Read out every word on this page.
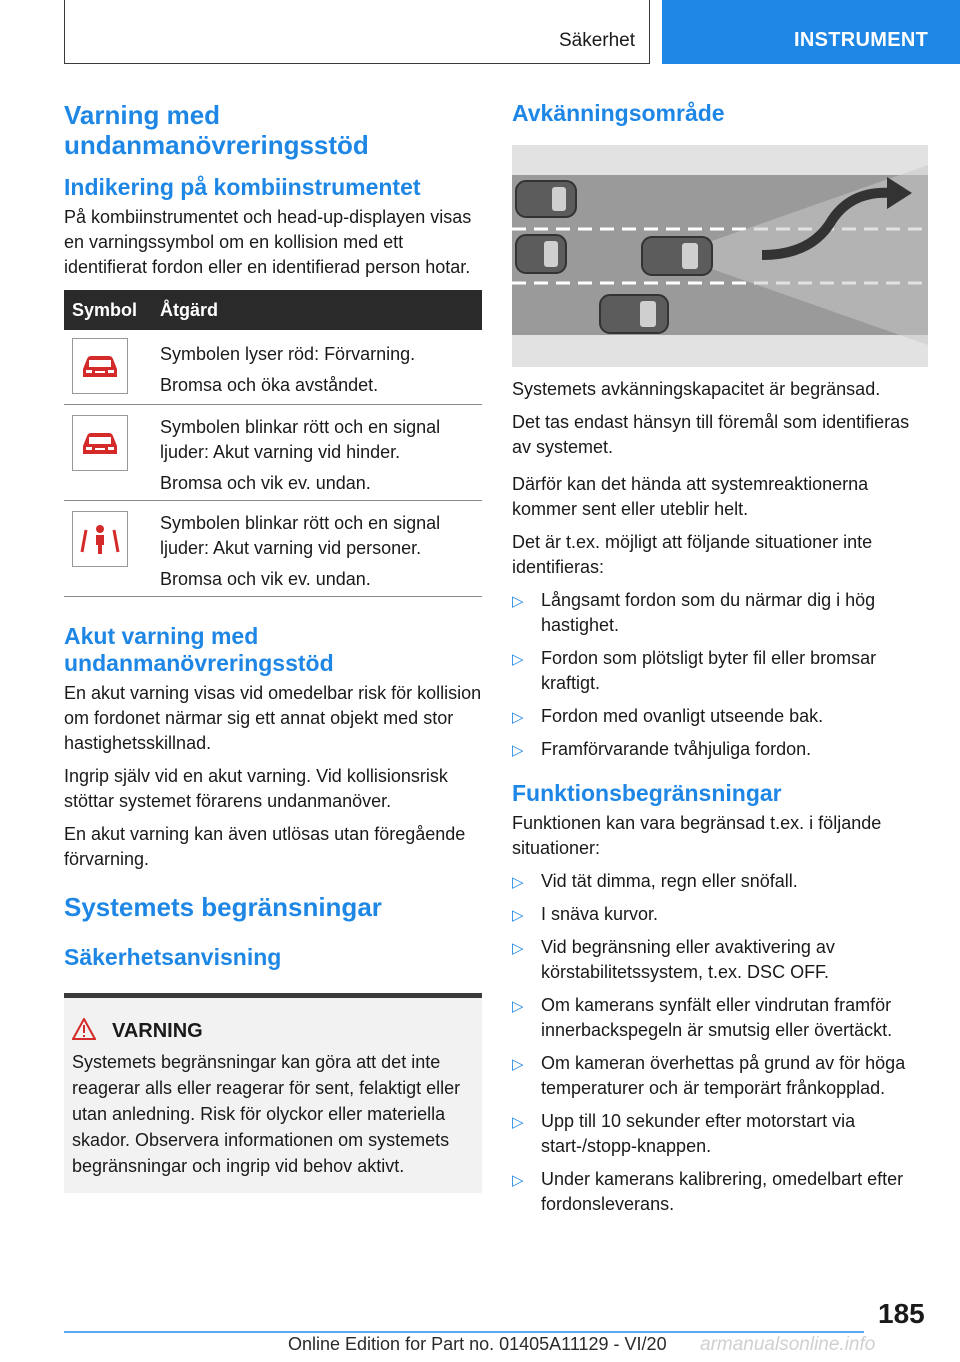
Säkerhet	INSTRUMENT
Varning med undanmanövreringsstöd
Indikering på kombiinstrumentet
På kombiinstrumentet och head-up-displayen visas en varningssymbol om en kollision med ett identifierat fordon eller en identifierad person hotar.
Symbol Åtgärd
Symbolen lyser röd: Förvarning.
Bromsa och öka avståndet.
Symbolen blinkar rött och en signal ljuder: Akut varning vid hinder.
Bromsa och vik ev. undan.
Symbolen blinkar rött och en signal ljuder: Akut varning vid personer.
Bromsa och vik ev. undan.
Akut varning med undanmanövreringsstöd
En akut varning visas vid omedelbar risk för kollision om fordonet närmar sig ett annat objekt med stor hastighetsskillnad.
Ingrip själv vid en akut varning. Vid kollisionsrisk stöttar systemet förarens undanmanöver.
En akut varning kan även utlösas utan föregående förvarning.
Systemets begränsningar
Säkerhetsanvisning
VARNING
Systemets begränsningar kan göra att det inte reagerar alls eller reagerar för sent, felaktigt eller utan anledning. Risk för olyckor eller materiella skador. Observera informationen om systemets begränsningar och ingrip vid behov aktivt.
Avkänningsområde
Systemets avkänningskapacitet är begränsad.
Det tas endast hänsyn till föremål som identifieras av systemet.
Därför kan det hända att systemreaktionerna kommer sent eller uteblir helt.
Det är t.ex. möjligt att följande situationer inte identifieras:
▷ Långsamt fordon som du närmar dig i hög hastighet.
▷ Fordon som plötsligt byter fil eller bromsar kraftigt.
▷ Fordon med ovanligt utseende bak.
▷ Framförvarande tvåhjuliga fordon.
Funktionsbegränsningar
Funktionen kan vara begränsad t.ex. i följande situationer:
▷ Vid tät dimma, regn eller snöfall.
▷ I snäva kurvor.
▷ Vid begränsning eller avaktivering av körstabilitetssystem, t.ex. DSC OFF.
▷ Om kamerans synfält eller vindrutan framför innerbackspegeln är smutsig eller övertäckt.
▷ Om kameran överhettas på grund av för höga temperaturer och är temporärt frånkopplad.
▷ Upp till 10 sekunder efter motorstart via start-/stopp-knappen.
▷ Under kamerans kalibrering, omedelbart efter fordonsleverans.
185
Online Edition for Part no. 01405A11129 - VI/20 armanualsonline.info
